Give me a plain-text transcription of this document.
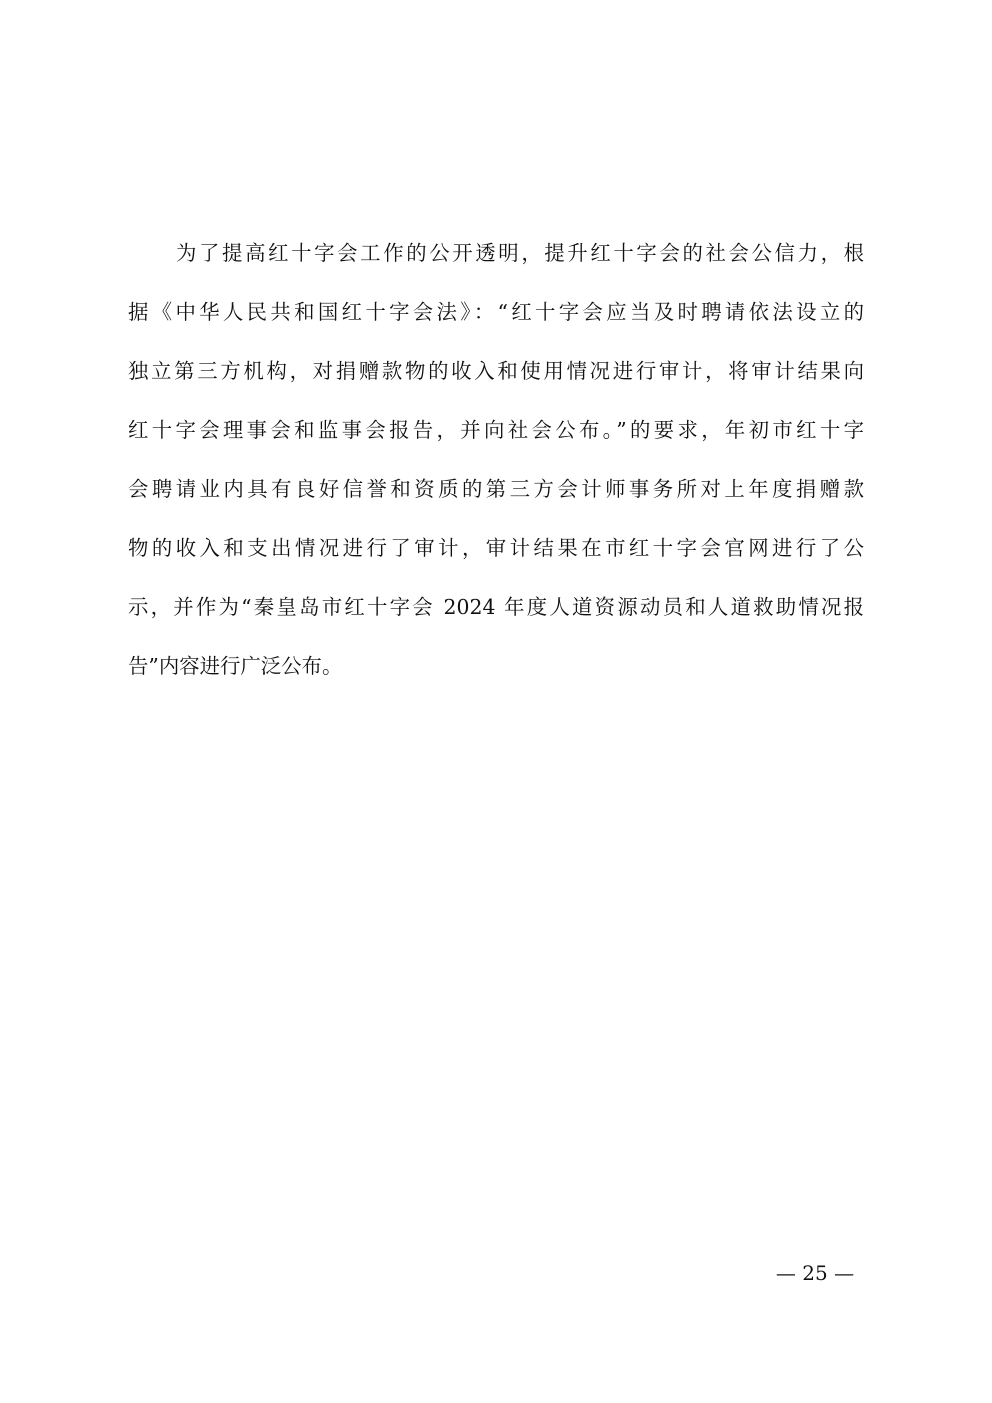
为了提高红十字会工作的公开透明，提升红十字会的社会公信力，根
据《中华人民共和国红十字会法》：“红十字会应当及时聘请依法设立的
独立第三方机构，对捐赠款物的收入和使用情况进行审计，将审计结果向
红十字会理事会和监事会报告，并向社会公布。”的要求，年初市红十字
会聘请业内具有良好信誉和资质的第三方会计师事务所对上年度捐赠款
物的收入和支出情况进行了审计，审计结果在市红十字会官网进行了公
示，并作为“秦皇岛市红十字会 2024 年度人道资源动员和人道救助情况报
告”内容进行广泛公布。
— 25 —
